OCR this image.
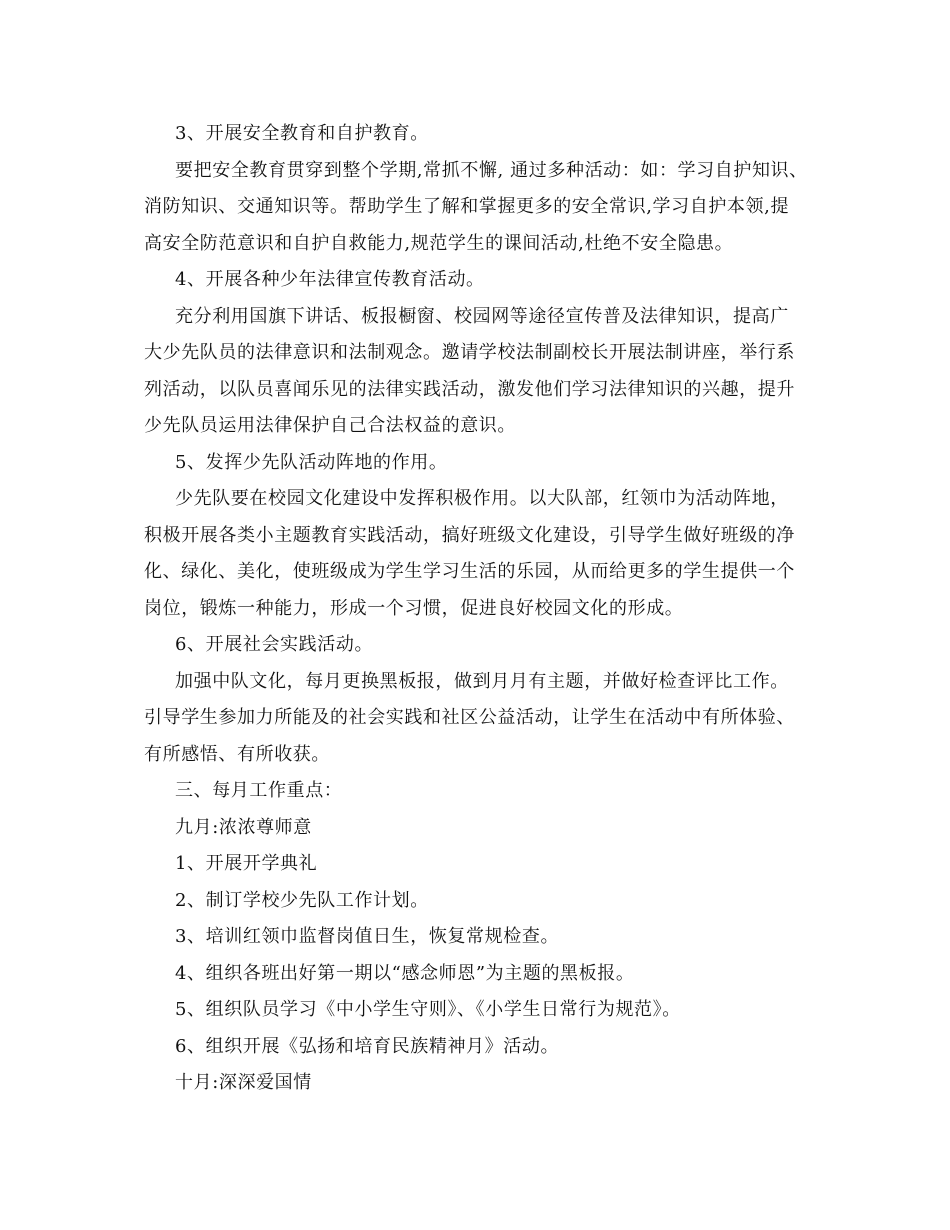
3、开展安全教育和自护教育。
要把安全教育贯穿到整个学期,常抓不懈, 通过多种活动：如：学习自护知识、
消防知识、交通知识等。帮助学生了解和掌握更多的安全常识,学习自护本领,提
高安全防范意识和自护自救能力,规范学生的课间活动,杜绝不安全隐患。
4、开展各种少年法律宣传教育活动。
充分利用国旗下讲话、板报橱窗、校园网等途径宣传普及法律知识，提高广
大少先队员的法律意识和法制观念。邀请学校法制副校长开展法制讲座，举行系
列活动，以队员喜闻乐见的法律实践活动，激发他们学习法律知识的兴趣，提升
少先队员运用法律保护自己合法权益的意识。
5、发挥少先队活动阵地的作用。
少先队要在校园文化建设中发挥积极作用。以大队部，红领巾为活动阵地，
积极开展各类小主题教育实践活动，搞好班级文化建设，引导学生做好班级的净
化、绿化、美化，使班级成为学生学习生活的乐园，从而给更多的学生提供一个
岗位，锻炼一种能力，形成一个习惯，促进良好校园文化的形成。
6、开展社会实践活动。
加强中队文化，每月更换黑板报，做到月月有主题，并做好检查评比工作。
引导学生参加力所能及的社会实践和社区公益活动，让学生在活动中有所体验、
有所感悟、有所收获。
三、每月工作重点：
九月:浓浓尊师意
1、开展开学典礼
2、制订学校少先队工作计划。
3、培训红领巾监督岗值日生，恢复常规检查。
4、组织各班出好第一期以“感念师恩”为主题的黑板报。
5、组织队员学习《中小学生守则》、《小学生日常行为规范》。
6、组织开展《弘扬和培育民族精神月》活动。
十月:深深爱国情
